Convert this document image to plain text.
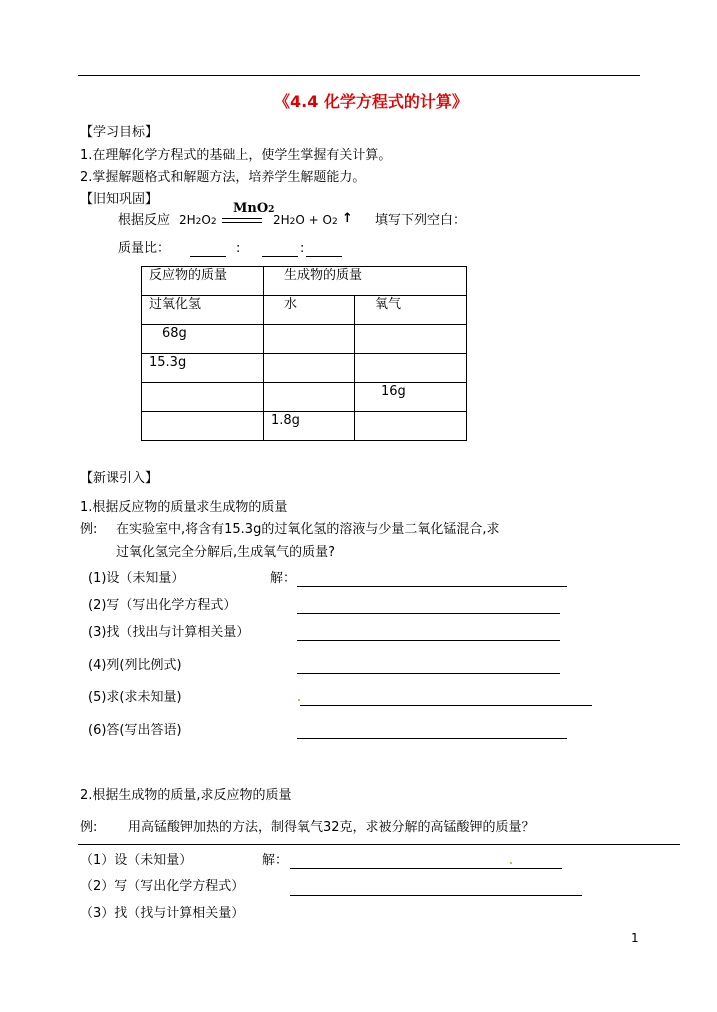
《4.4 化学方程式的计算》
【学习目标】
1.在理解化学方程式的基础上，使学生掌握有关计算。
2.掌握解题格式和解题方法，培养学生解题能力。
【旧知巩固】
根据反应 2H2O2
MnO2
2H2O + O2 ↑ 填写下列空白：
质量比：	:	:
反应物的质量	生成物的质量	
过氧化氢	水	氧气
68g		
15.3g		
		16g
	1.8g	
【新课引入】
1.根据反应物的质量求生成物的质量
例: 在实验室中,将含有15.3g的过氧化氢的溶液与少量二氧化锰混合,求
过氧化氢完全分解后,生成氧气的质量?
(1)设（未知量）	解：
(2)写（写出化学方程式）
(3)找（找出与计算相关量）
(4)列(列比例式)
(5)求(求未知量)
(6)答(写出答语)
2.根据生成物的质量,求反应物的质量
例: 用高锰酸钾加热的方法，制得氧气32克，求被分解的高锰酸钾的质量？
（1）设（未知量）	解：
（2）写（写出化学方程式）
（3）找（找与计算相关量）
1
